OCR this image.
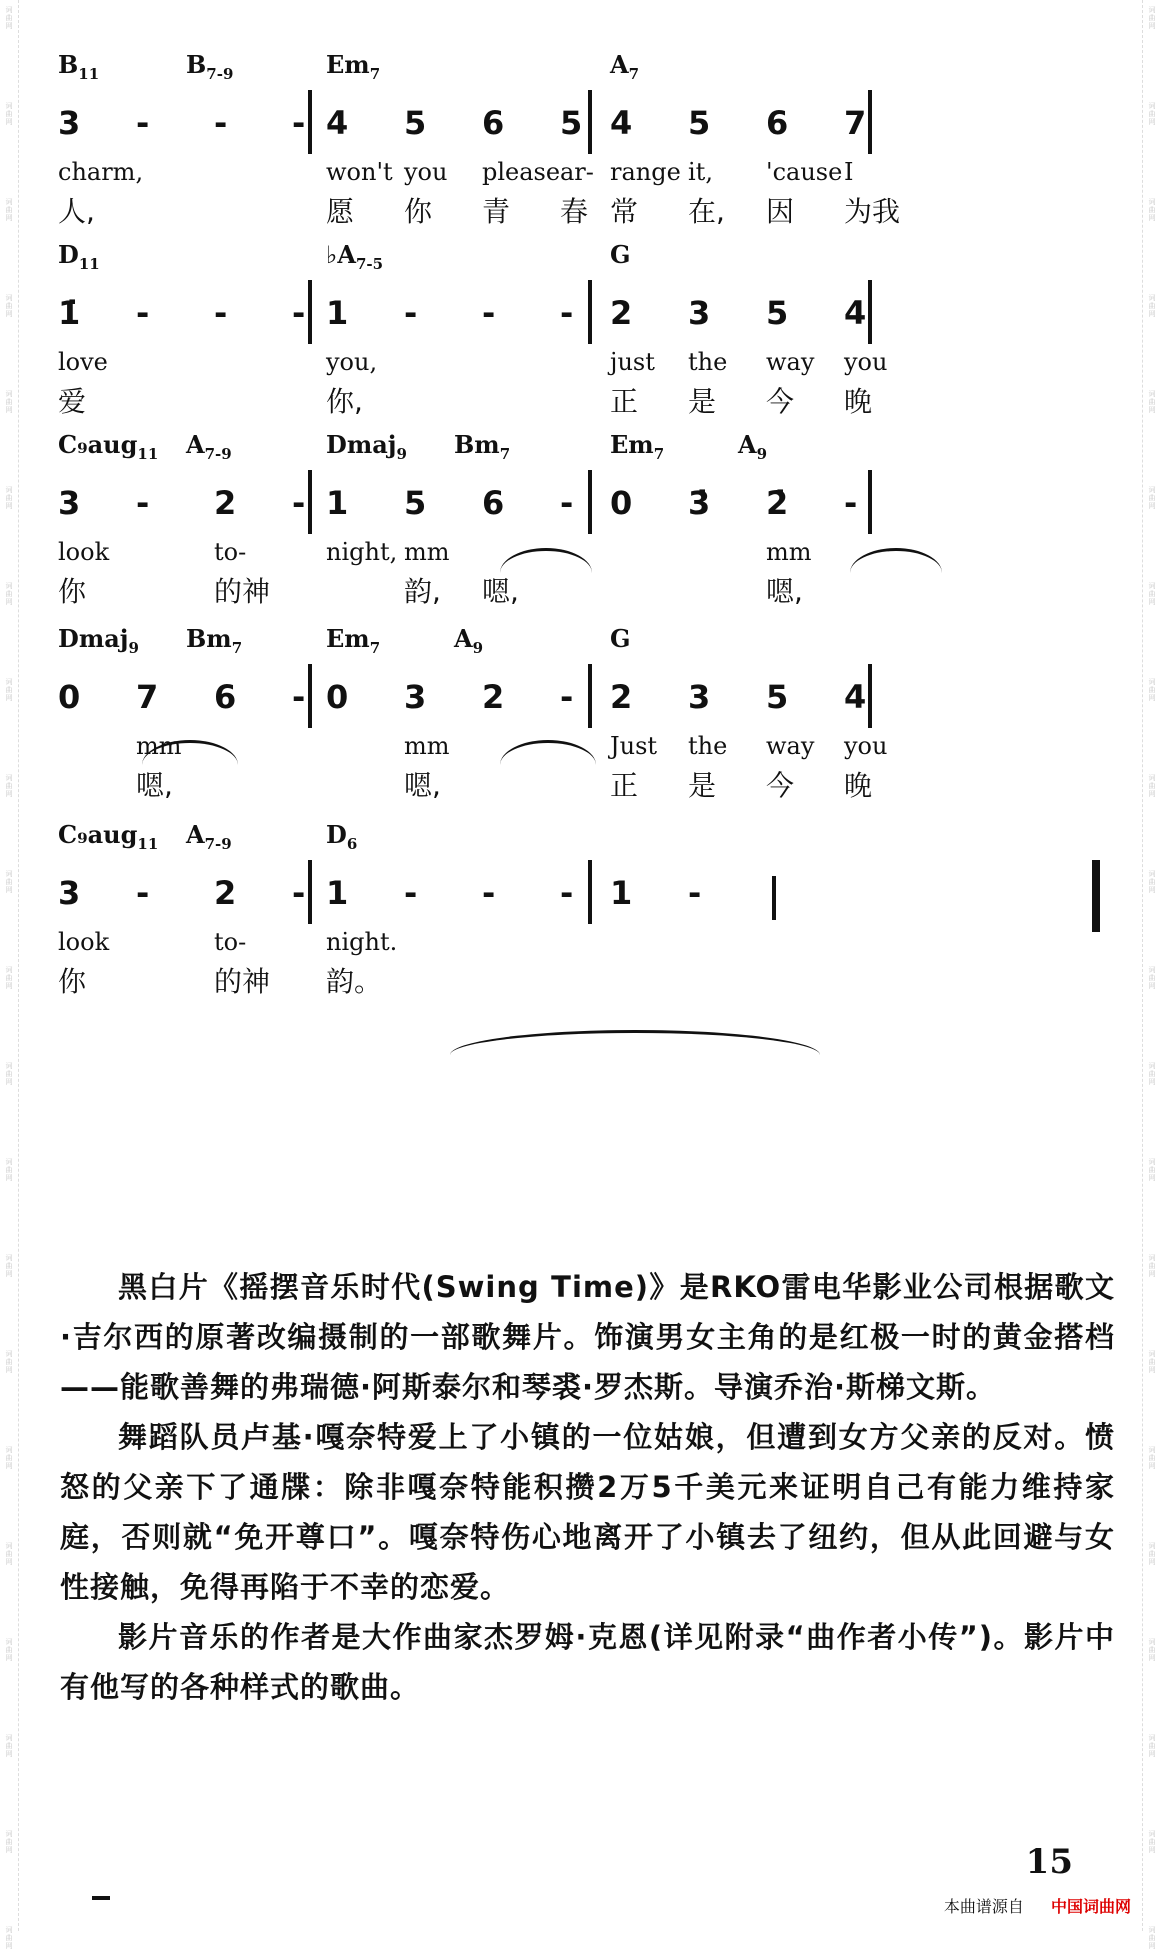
词曲网
词曲网
词曲网
词曲网
词曲网
词曲网
词曲网
词曲网
词曲网
词曲网
词曲网
词曲网
词曲网
词曲网
词曲网
词曲网
词曲网
词曲网
词曲网
词曲网
词曲网
词曲网
词曲网
词曲网
词曲网
词曲网
词曲网
词曲网
词曲网
词曲网
词曲网
词曲网
词曲网
词曲网
词曲网
词曲网
词曲网
词曲网
词曲网
词曲网
词曲网
词曲网
$B_{11}$	$B_{7-9}$
3	-	-	-
charm,
人,
$Em_7$
4	5	6	5
won't you	please ar-
愿	你	青	春
$A_7$
4	5	6	7
range it,	'cause I
常	在,	因	为我
$D_{11}$
1̇	-	-	-
love
爱
$♭A_{7-5}$
1	-	-	-
you,
你,
G
2	3	5	4
just	the	way	you
正	是	今	晚
C₉aug$_{11}$ $A_{7-9}$
3	-	2	-
look	to-
你	的神
Dmaj$_9$ $Bm_7$
1	5	6	-
night, mm
韵,	嗯,
$Em_7$	$A_9$
0	3̇	2̇	-
mm
嗯,
Dmaj$_9$ $Bm_7$
0	7	6	-
mm
嗯,
$Em_7$	$A_9$
0	3	2	-
mm
嗯,
G
2	3	5	4
Just	the	way	you
正	是	今	晚
C₉aug$_{11}$ $A_{7-9}$
3	-	2	-
look	to-
你	的神
$D_6$
1	-	-	-
night.
韵。
1	-

黑白片《摇摆音乐时代(Swing Time)》是RKO雷电华影业公司根据歌文·吉尔西的原著改编摄制的一部歌舞片。饰演男女主角的是红极一时的黄金搭档——能歌善舞的弗瑞德·阿斯泰尔和琴裘·罗杰斯。导演乔治·斯梯文斯。

舞蹈队员卢基·嘎奈特爱上了小镇的一位姑娘，但遭到女方父亲的反对。愤怒的父亲下了通牒：除非嘎奈特能积攒2万5千美元来证明自己有能力维持家庭，否则就“免开尊口”。嘎奈特伤心地离开了小镇去了纽约，但从此回避与女性接触，免得再陷于不幸的恋爱。

影片音乐的作者是大作曲家杰罗姆·克恩(详见附录“曲作者小传”)。影片中有他写的各种样式的歌曲。

15
本曲谱源自 中国词曲网
